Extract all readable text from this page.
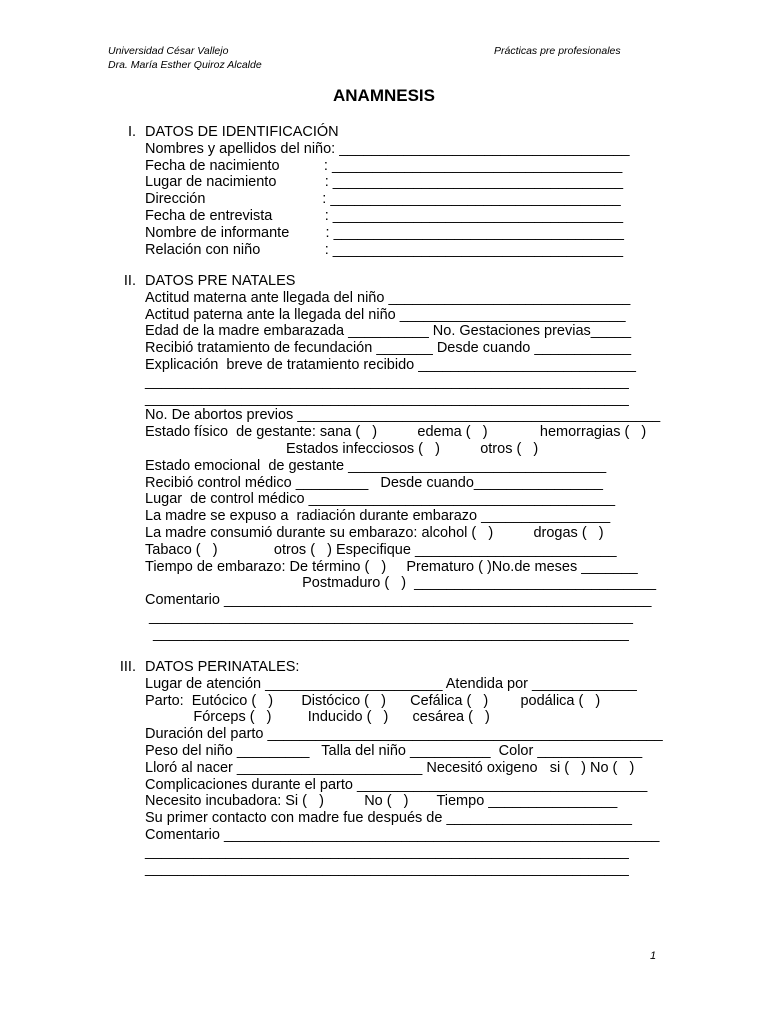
Universidad César Vallejo
Dra. María Esther Quiroz Alcalde
Prácticas pre profesionales
ANAMNESIS
I. DATOS DE IDENTIFICACIÓN
Nombres y apellidos del niño: ____________________________________
Fecha de nacimiento           : ____________________________________
Lugar de nacimiento            : ____________________________________
Dirección                             : ____________________________________
Fecha de entrevista             : ____________________________________
Nombre de informante         : ____________________________________
Relación con niño                : ____________________________________
II. DATOS PRE NATALES
Actitud materna ante llegada del niño ______________________________
Actitud paterna ante la llegada del niño ____________________________
Edad de la madre embarazada __________ No. Gestaciones previas_____
Recibió tratamiento de fecundación _______ Desde cuando ____________
Explicación  breve de tratamiento recibido ___________________________
____________________________________________________________
____________________________________________________________
No. De abortos previos _____________________________________________
Estado físico  de gestante: sana (   )          edema (   )             hemorragias (   )
Estados infecciosos (   )          otros (   )
Estado emocional  de gestante ________________________________
Recibió control médico _________   Desde cuando________________
Lugar  de control médico ______________________________________
La madre se expuso a  radiación durante embarazo ________________
La madre consumió durante su embarazo: alcohol (   )          drogas (   )
Tabaco (   )              otros (   ) Especifique _________________________
Tiempo de embarazo: De término (   )     Prematuro ( )No.de meses _______
Postmaduro (   )  ______________________________
Comentario _____________________________________________________
____________________________________________________________
___________________________________________________________
III. DATOS PERINATALES:
Lugar de atención ______________________ Atendida por _____________
Parto:  Eutócico (   )       Distócico (   )      Cefálica (   )        podálica (   )
Fórceps (   )         Inducido (   )      cesárea (   )
Duración del parto _________________________________________________
Peso del niño _________   Talla del niño __________  Color _____________
Lloró al nacer _______________________ Necesitó oxigeno   si (   ) No (   )
Complicaciones durante el parto ____________________________________
Necesito incubadora: Si (   )          No (   )       Tiempo ________________
Su primer contacto con madre fue después de _______________________
Comentario ______________________________________________________
____________________________________________________________
____________________________________________________________
1
